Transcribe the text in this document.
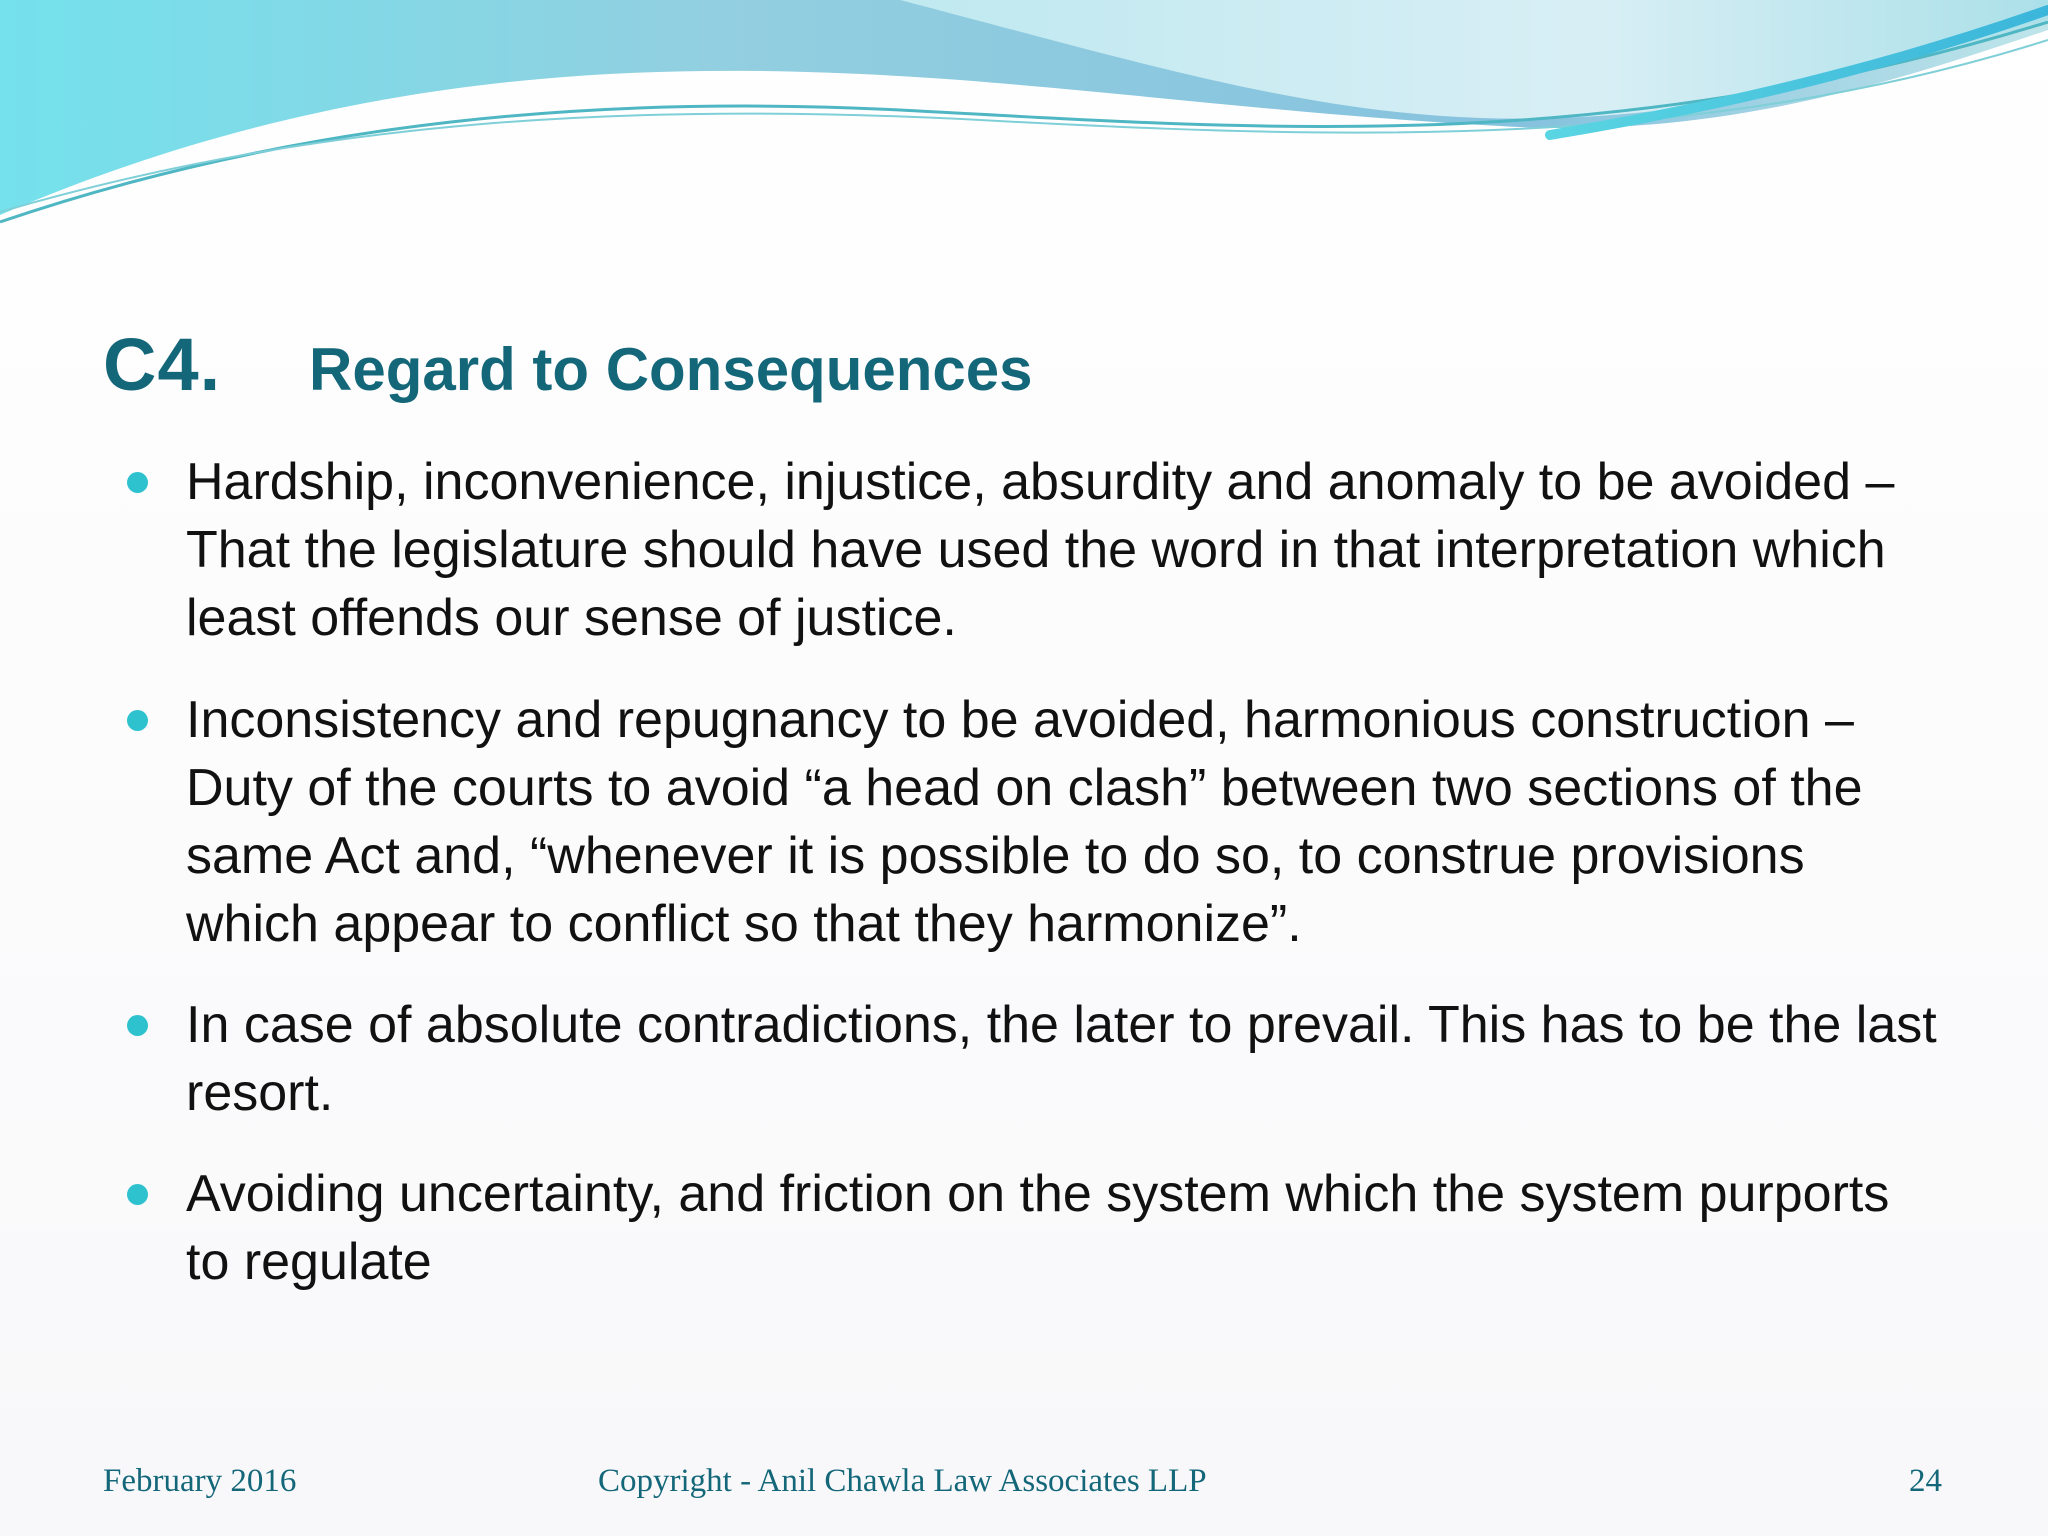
C4.	Regard to Consequences
Hardship, inconvenience, injustice, absurdity and anomaly to be avoided – That the legislature should have used the word in that interpretation which least offends our sense of justice.
Inconsistency and repugnancy to be avoided, harmonious construction – Duty of the courts to avoid “a head on clash” between two sections of the same Act and, “whenever it is possible to do so, to construe provisions which appear to conflict so that they harmonize”.
In case of absolute contradictions, the later to prevail. This has to be the last resort.
Avoiding uncertainty, and friction on the system which the system purports to regulate
February 2016	Copyright - Anil Chawla Law Associates LLP	24
